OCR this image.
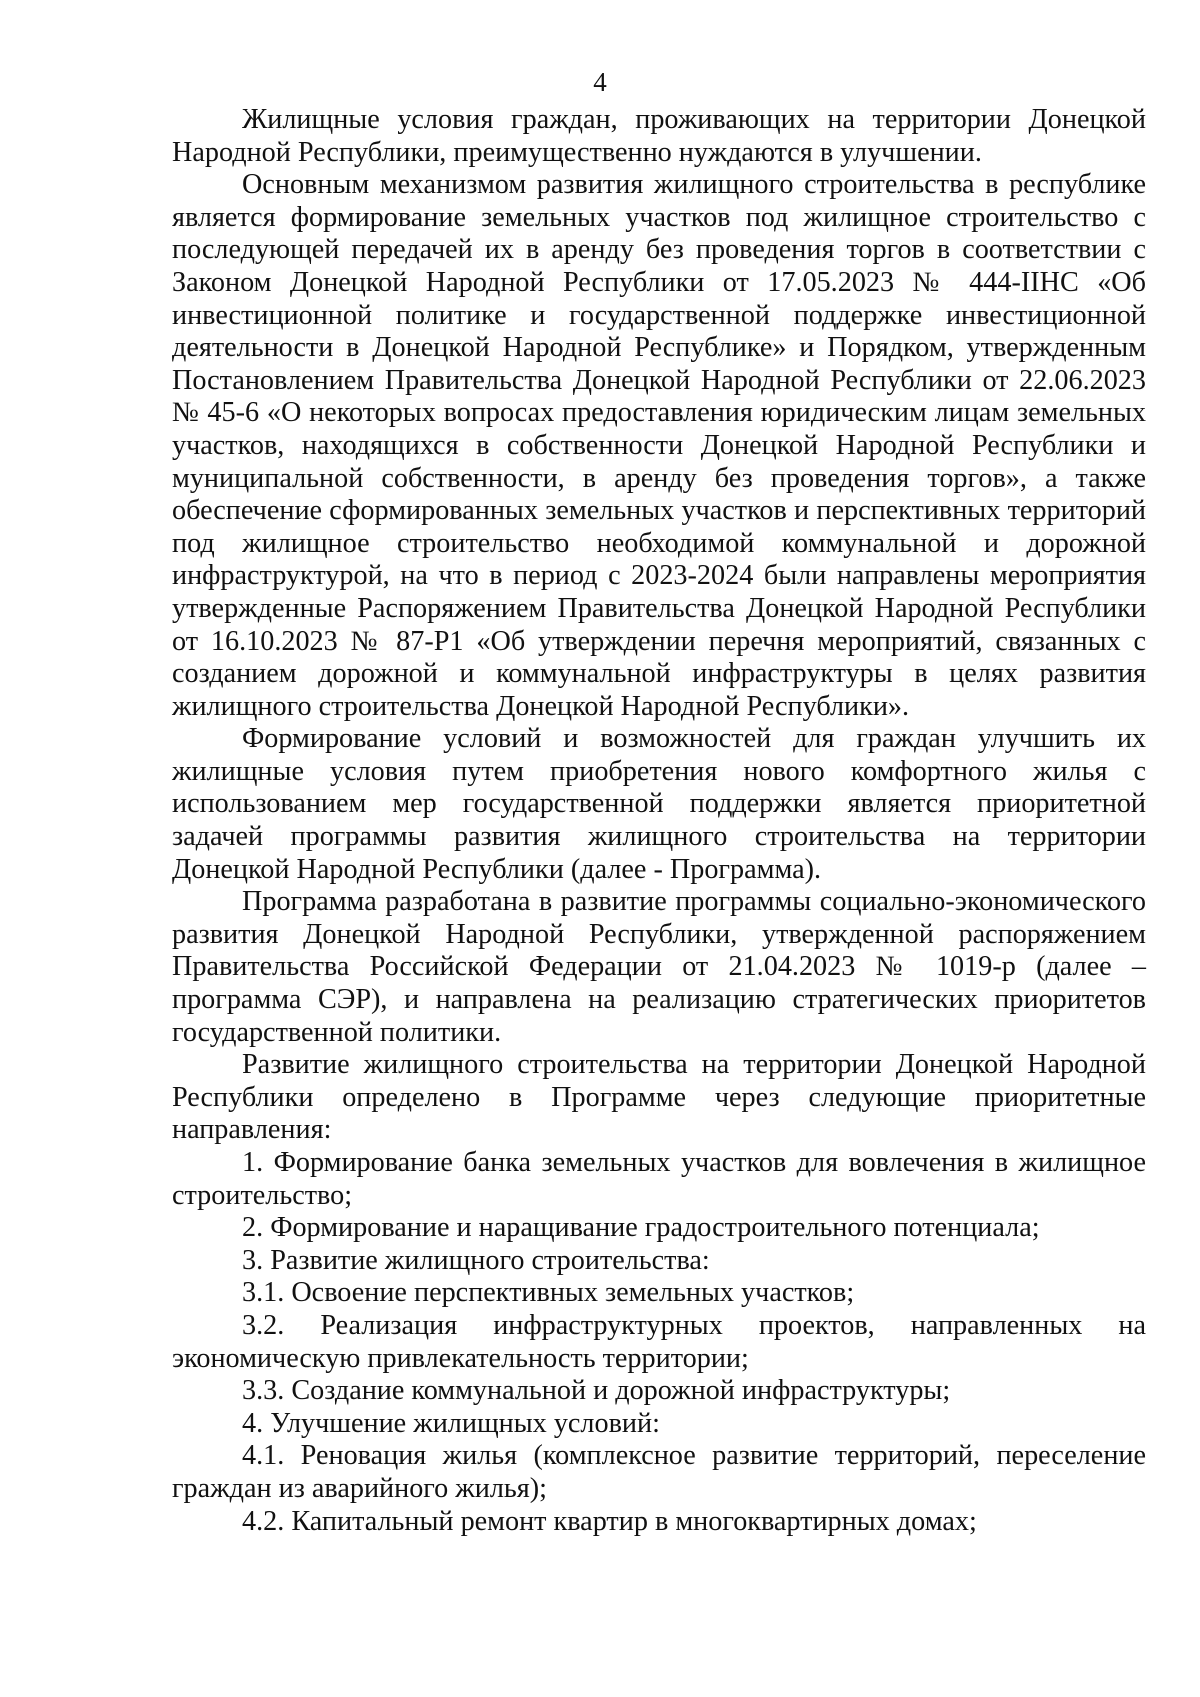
4

Жилищные условия граждан, проживающих на территории Донецкой Народной Республики, преимущественно нуждаются в улучшении.

Основным механизмом развития жилищного строительства в республике является формирование земельных участков под жилищное строительство с последующей передачей их в аренду без проведения торгов в соответствии с Законом Донецкой Народной Республики от 17.05.2023 № 444-IIНС «Об инвестиционной политике и государственной поддержке инвестиционной деятельности в Донецкой Народной Республике» и Порядком, утвержденным Постановлением Правительства Донецкой Народной Республики от 22.06.2023 № 45-6 «О некоторых вопросах предоставления юридическим лицам земельных участков, находящихся в собственности Донецкой Народной Республики и муниципальной собственности, в аренду без проведения торгов», а также обеспечение сформированных земельных участков и перспективных территорий под жилищное строительство необходимой коммунальной и дорожной инфраструктурой, на что в период с 2023-2024 были направлены мероприятия утвержденные Распоряжением Правительства Донецкой Народной Республики от 16.10.2023 № 87-Р1 «Об утверждении перечня мероприятий, связанных с созданием дорожной и коммунальной инфраструктуры в целях развития жилищного строительства Донецкой Народной Республики».

Формирование условий и возможностей для граждан улучшить их жилищные условия путем приобретения нового комфортного жилья с использованием мер государственной поддержки является приоритетной задачей программы развития жилищного строительства на территории Донецкой Народной Республики (далее - Программа).

Программа разработана в развитие программы социально-экономического развития Донецкой Народной Республики, утвержденной распоряжением Правительства Российской Федерации от 21.04.2023 № 1019-р (далее – программа СЭР), и направлена на реализацию стратегических приоритетов государственной политики.

Развитие жилищного строительства на территории Донецкой Народной Республики определено в Программе через следующие приоритетные направления:

1. Формирование банка земельных участков для вовлечения в жилищное строительство;

2. Формирование и наращивание градостроительного потенциала;

3. Развитие жилищного строительства:

3.1. Освоение перспективных земельных участков;

3.2. Реализация инфраструктурных проектов, направленных на экономическую привлекательность территории;

3.3. Создание коммунальной и дорожной инфраструктуры;

4. Улучшение жилищных условий:

4.1. Реновация жилья (комплексное развитие территорий, переселение граждан из аварийного жилья);

4.2. Капитальный ремонт квартир в многоквартирных домах;
